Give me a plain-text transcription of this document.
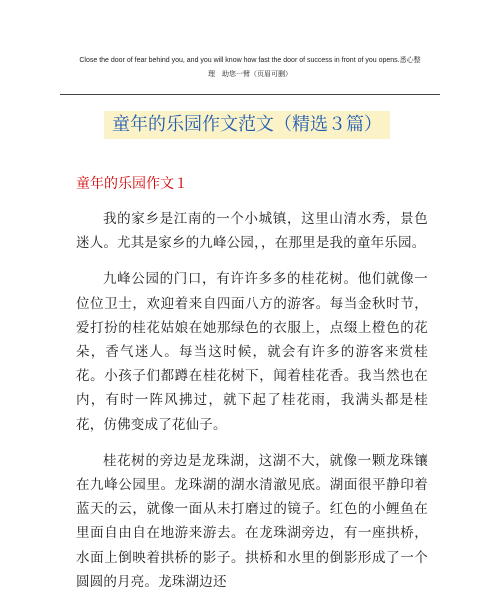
Close the door of fear behind you, and you will know how fast the door of success in front of you opens.悉心整
理　助您一臂（页眉可删）
童年的乐园作文范文（精选３篇）
童年的乐园作文１

我的家乡是江南的一个小城镇，这里山清水秀，景色迷人。尤其是家乡的九峰公园，，在那里是我的童年乐园。

九峰公园的门口，有许许多多的桂花树。他们就像一位位卫士，欢迎着来自四面八方的游客。每当金秋时节，爱打扮的桂花姑娘在她那绿色的衣服上，点缀上橙色的花朵，香气迷人。每当这时候，就会有许多的游客来赏桂花。小孩子们都蹲在桂花树下，闻着桂花香。我当然也在内，有时一阵风拂过，就下起了桂花雨，我满头都是桂花，仿佛变成了花仙子。

桂花树的旁边是龙珠湖，这湖不大，就像一颗龙珠镶在九峰公园里。龙珠湖的湖水清澈见底。湖面很平静印着蓝天的云，就像一面从未打磨过的镜子。红色的小鲤鱼在里面自由自在地游来游去。在龙珠湖旁边，有一座拱桥，水面上倒映着拱桥的影子。拱桥和水里的倒影形成了一个圆圆的月亮。龙珠湖边还
